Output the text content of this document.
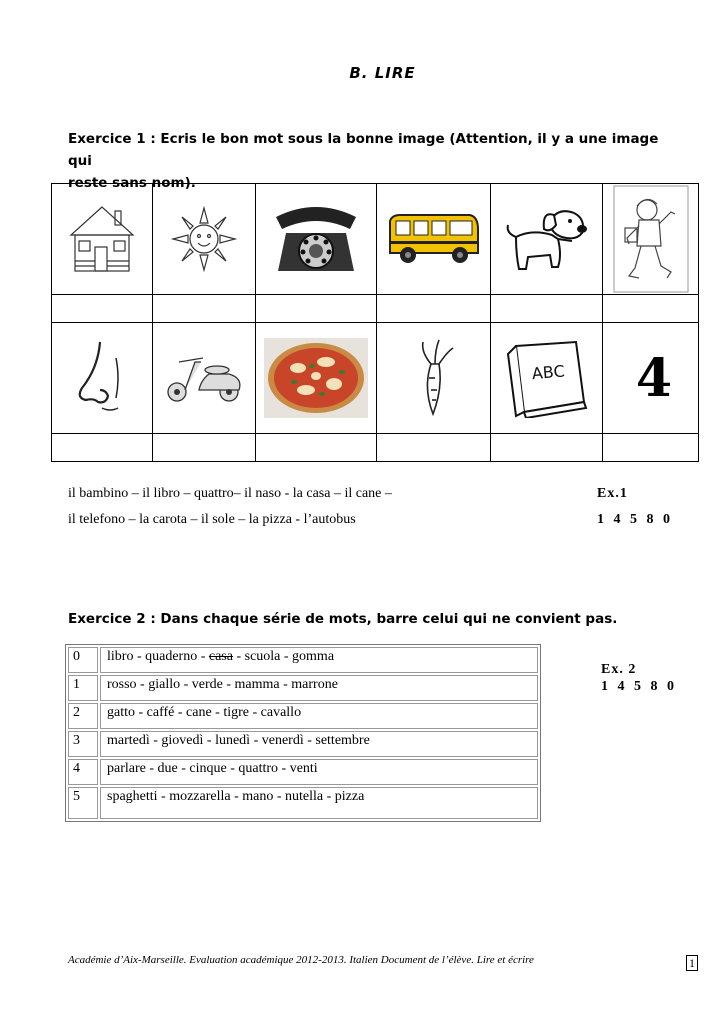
B. LIRE
Exercice 1 : Ecris le bon mot sous la bonne image (Attention, il y a une image qui
reste sans nom).

ABC	4

il bambino – il libro – quattro– il naso - la casa – il cane –
il telefono – la carota – il sole – la pizza - l’autobus
Ex.1
1 4 5 8 0
Exercice 2 : Dans chaque série de mots, barre celui qui ne convient pas.
0	libro - quaderno - casa - scuola - gomma
1	rosso - giallo - verde - mamma - marrone
2	gatto - caffé - cane - tigre - cavallo
3	martedì - giovedì - lunedì - venerdì - settembre
4	parlare - due - cinque - quattro - venti
5	spaghetti - mozzarella - mano - nutella - pizza
Ex. 2
1 4 5 8 0
Académie d’Aix-Marseille. Evaluation académique 2012-2013. Italien Document de l’élève. Lire et écrire	1
